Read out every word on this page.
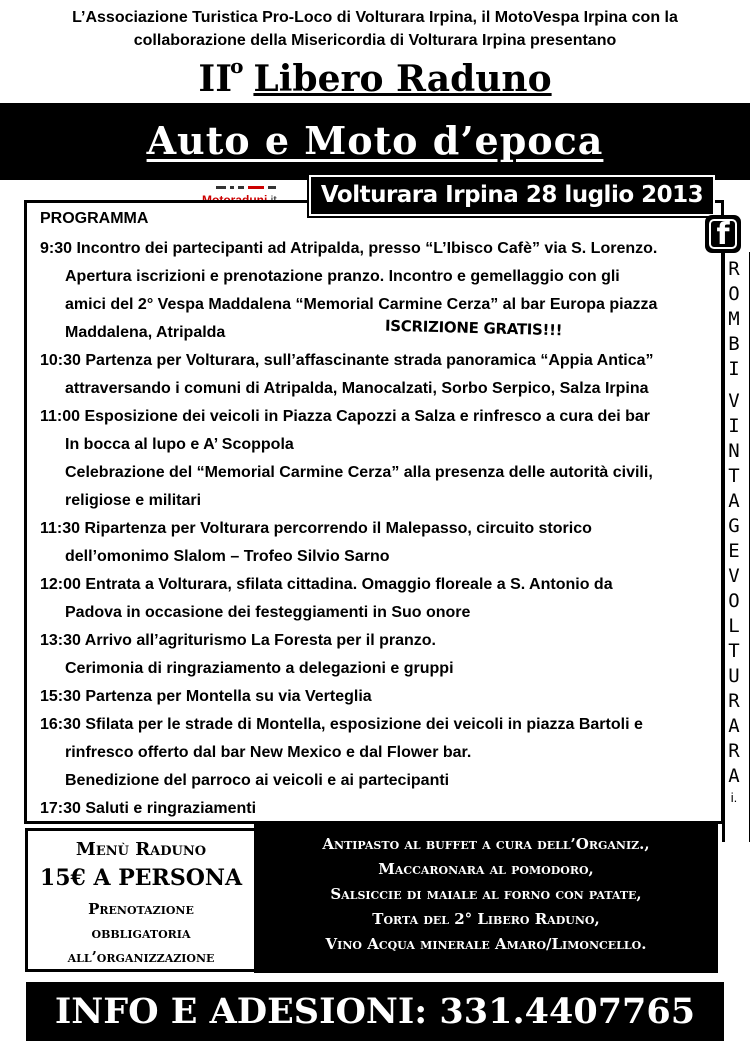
L’Associazione Turistica Pro-Loco di Volturara Irpina, il MotoVespa Irpina con la
collaborazione della Misericordia di Volturara Irpina presentano
IIo Libero Raduno
Auto e Moto d’epoca
Volturara Irpina 28 luglio 2013
PROGRAMMA
9:30 Incontro dei partecipanti ad Atripalda, presso “L’Ibisco Cafè” via S. Lorenzo.
Apertura iscrizioni e prenotazione pranzo. Incontro e gemellaggio con gli
amici del 2° Vespa Maddalena “Memorial Carmine Cerza” al bar Europa piazza
Maddalena, Atripalda
10:30 Partenza per Volturara, sull’affascinante strada panoramica “Appia Antica”
attraversando i comuni di Atripalda, Manocalzati, Sorbo Serpico, Salza Irpina
11:00 Esposizione dei veicoli in Piazza Capozzi a Salza e rinfresco a cura dei bar
In bocca al lupo e A’ Scoppola
Celebrazione del “Memorial Carmine Cerza” alla presenza delle autorità civili,
religiose e militari
11:30 Ripartenza per Volturara percorrendo il Malepasso, circuito storico
dell’omonimo Slalom – Trofeo Silvio Sarno
12:00 Entrata a Volturara, sfilata cittadina. Omaggio floreale a S. Antonio da
Padova in occasione dei festeggiamenti in Suo onore
13:30 Arrivo all’agriturismo La Foresta per il pranzo.
Cerimonia di ringraziamento a delegazioni e gruppi
15:30 Partenza per Montella su via Verteglia
16:30 Sfilata per le strade di Montella, esposizione dei veicoli in piazza Bartoli e
rinfresco offerto dal bar New Mexico e dal Flower bar.
Benedizione del parroco ai veicoli e ai partecipanti
17:30 Saluti e ringraziamenti
ISCRIZIONE GRATIS!!!
f
R
O
M
B
I
V
I
N
T
A
G
E
V
O
L
T
U
R
A
R
A
i.
Menù Raduno
15€ A PERSONA
Prenotazione
obbligatoria
all’organizzazione
Antipasto al buffet a cura dell’Organiz.,
Maccaronara al pomodoro,
Salsiccie di maiale al forno con patate,
Torta del 2° Libero Raduno,
Vino Acqua minerale Amaro/Limoncello.
INFO E ADESIONI: 331.4407765
